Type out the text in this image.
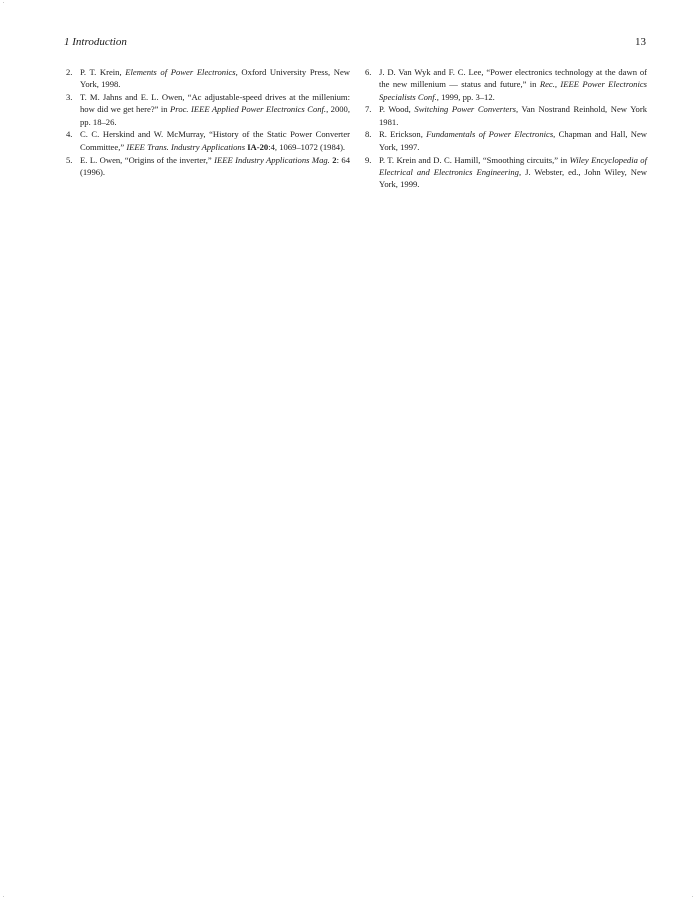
1 Introduction	13
2. P. T. Krein, Elements of Power Electronics, Oxford University Press, New York, 1998.
3. T. M. Jahns and E. L. Owen, “Ac adjustable-speed drives at the millenium: how did we get here?” in Proc. IEEE Applied Power Electronics Conf., 2000, pp. 18–26.
4. C. C. Herskind and W. McMurray, “History of the Static Power Converter Committee,” IEEE Trans. Industry Applications IA-20:4, 1069–1072 (1984).
5. E. L. Owen, “Origins of the inverter,” IEEE Industry Applications Mag. 2: 64 (1996).
6. J. D. Van Wyk and F. C. Lee, “Power electronics technology at the dawn of the new millenium — status and future,” in Rec., IEEE Power Electronics Specialists Conf., 1999, pp. 3–12.
7. P. Wood, Switching Power Converters, Van Nostrand Reinhold, New York 1981.
8. R. Erickson, Fundamentals of Power Electronics, Chapman and Hall, New York, 1997.
9. P. T. Krein and D. C. Hamill, “Smoothing circuits,” in Wiley Encyclopedia of Electrical and Electronics Engineering, J. Webster, ed., John Wiley, New York, 1999.
